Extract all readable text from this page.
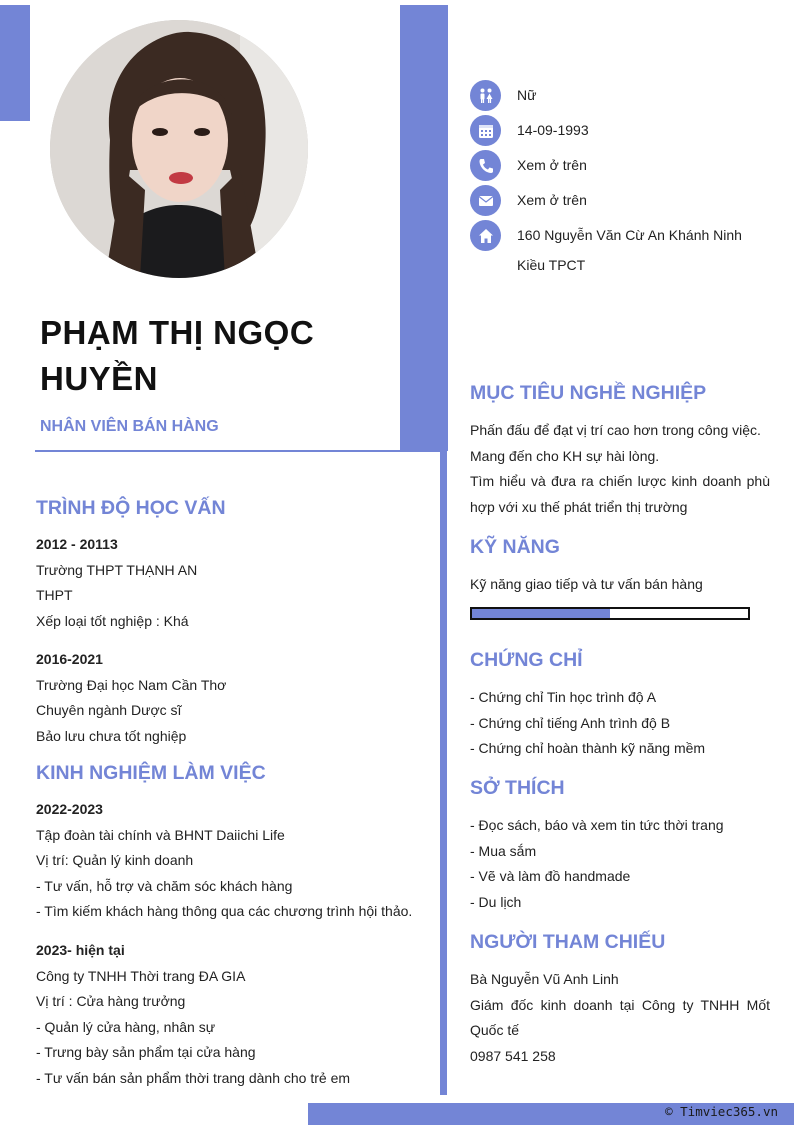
© Timviec365.vn
PHẠM THỊ NGỌC
HUYỀN
NHÂN VIÊN BÁN HÀNG
Nữ
14-09-1993
Xem ở trên
Xem ở trên
160 Nguyễn Văn Cừ An Khánh Ninh
Kiều TPCT
TRÌNH ĐỘ HỌC VẤN
2012 - 20113
Trường THPT THẠNH AN
THPT
Xếp loại tốt nghiệp : Khá
2016-2021
Trường Đại học Nam Cần Thơ
Chuyên ngành Dược sĩ
Bảo lưu chưa tốt nghiệp
KINH NGHIỆM LÀM VIỆC
2022-2023
Tập đoàn tài chính và BHNT Daiichi Life
Vị trí: Quản lý kinh doanh
- Tư vấn, hỗ trợ và chăm sóc khách hàng
- Tìm kiếm khách hàng thông qua các chương trình hội thảo.
2023- hiện tại
Công ty TNHH Thời trang ĐA GIA
Vị trí : Cửa hàng trưởng
- Quản lý cửa hàng, nhân sự
- Trưng bày sản phẩm tại cửa hàng
- Tư vấn bán sản phẩm thời trang dành cho trẻ em
MỤC TIÊU NGHỀ NGHIỆP
Phấn đấu để đạt vị trí cao hơn trong công việc.
Mang đến cho KH sự hài lòng.
Tìm hiểu và đưa ra chiến lược kinh doanh phù
hợp với xu thế phát triển thị trường
KỸ NĂNG
Kỹ năng giao tiếp và tư vấn bán hàng
CHỨNG CHỈ
- Chứng chỉ Tin học trình độ A
- Chứng chỉ tiếng Anh trình độ B
- Chứng chỉ hoàn thành kỹ năng mềm
SỞ THÍCH
- Đọc sách, báo và xem tin tức thời trang
- Mua sắm
- Vẽ và làm đồ handmade
- Du lịch
NGƯỜI THAM CHIẾU
Bà Nguyễn Vũ Anh Linh
Giám đốc kinh doanh tại Công ty TNHH Mốt
Quốc tế
0987 541 258
